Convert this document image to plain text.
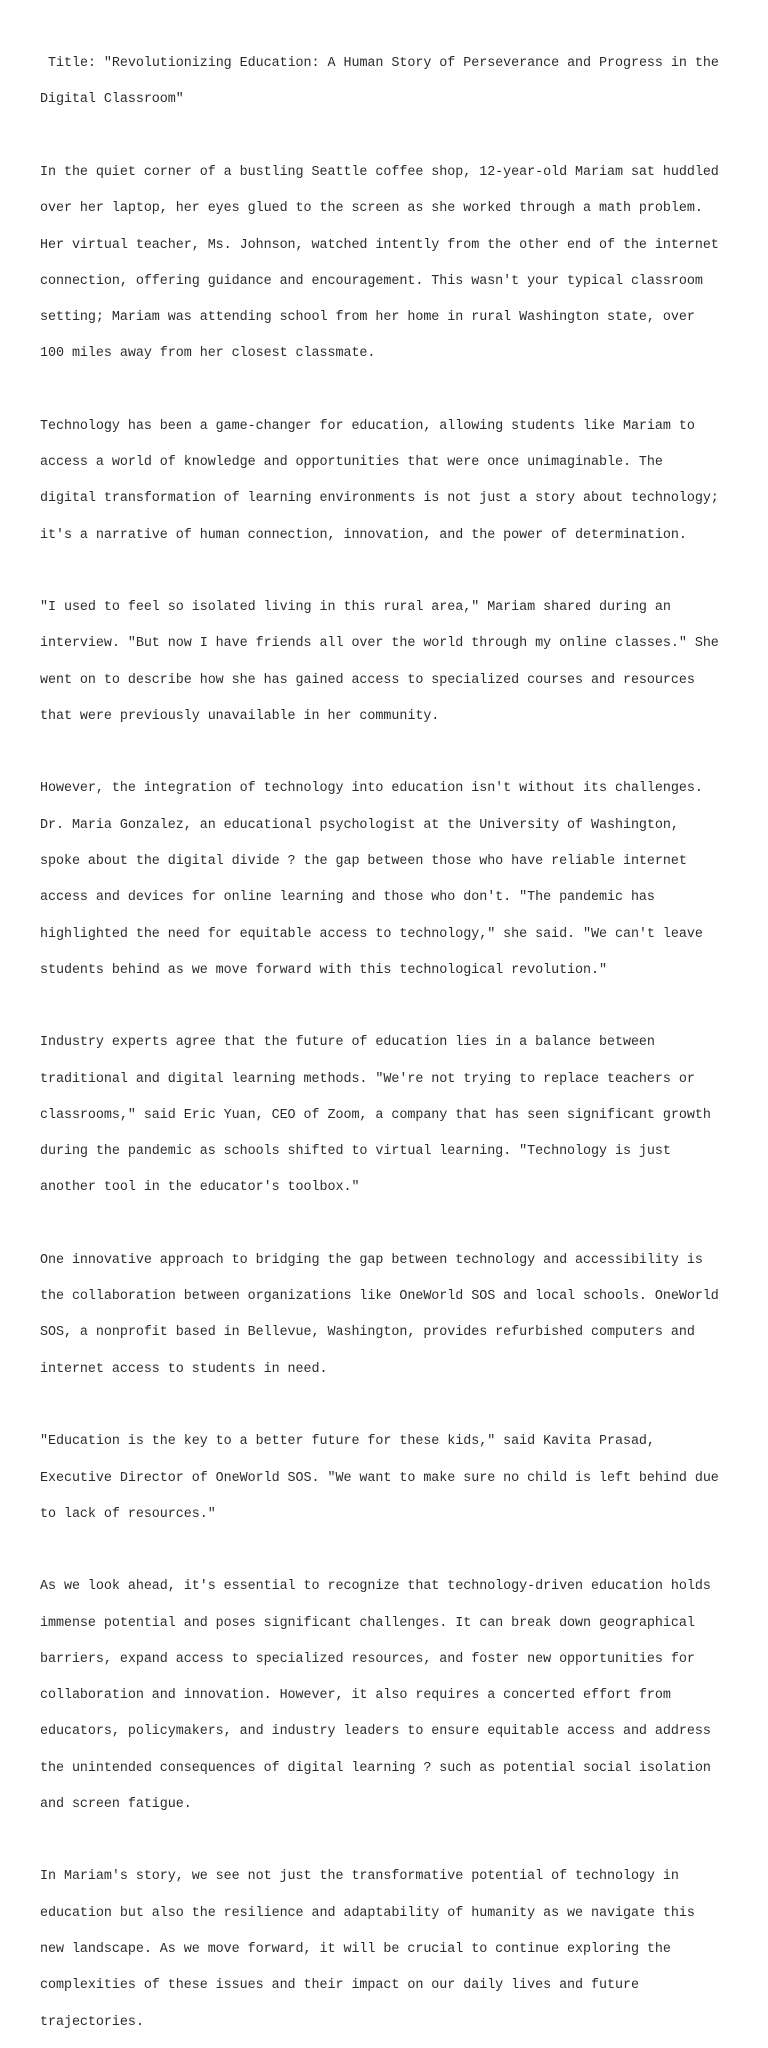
Title: "Revolutionizing Education: A Human Story of Perseverance and Progress in the

Digital Classroom"

In the quiet corner of a bustling Seattle coffee shop, 12-year-old Mariam sat huddled

over her laptop, her eyes glued to the screen as she worked through a math problem.

Her virtual teacher, Ms. Johnson, watched intently from the other end of the internet

connection, offering guidance and encouragement. This wasn't your typical classroom

setting; Mariam was attending school from her home in rural Washington state, over

100 miles away from her closest classmate.

Technology has been a game-changer for education, allowing students like Mariam to

access a world of knowledge and opportunities that were once unimaginable. The

digital transformation of learning environments is not just a story about technology;

it's a narrative of human connection, innovation, and the power of determination.

"I used to feel so isolated living in this rural area," Mariam shared during an

interview. "But now I have friends all over the world through my online classes." She

went on to describe how she has gained access to specialized courses and resources

that were previously unavailable in her community.

However, the integration of technology into education isn't without its challenges.

Dr. Maria Gonzalez, an educational psychologist at the University of Washington,

spoke about the digital divide ? the gap between those who have reliable internet

access and devices for online learning and those who don't. "The pandemic has

highlighted the need for equitable access to technology," she said. "We can't leave

students behind as we move forward with this technological revolution."

Industry experts agree that the future of education lies in a balance between

traditional and digital learning methods. "We're not trying to replace teachers or

classrooms," said Eric Yuan, CEO of Zoom, a company that has seen significant growth

during the pandemic as schools shifted to virtual learning. "Technology is just

another tool in the educator's toolbox."

One innovative approach to bridging the gap between technology and accessibility is

the collaboration between organizations like OneWorld SOS and local schools. OneWorld

SOS, a nonprofit based in Bellevue, Washington, provides refurbished computers and

internet access to students in need.

"Education is the key to a better future for these kids," said Kavita Prasad,

Executive Director of OneWorld SOS. "We want to make sure no child is left behind due

to lack of resources."

As we look ahead, it's essential to recognize that technology-driven education holds

immense potential and poses significant challenges. It can break down geographical

barriers, expand access to specialized resources, and foster new opportunities for

collaboration and innovation. However, it also requires a concerted effort from

educators, policymakers, and industry leaders to ensure equitable access and address

the unintended consequences of digital learning ? such as potential social isolation

and screen fatigue.

In Mariam's story, we see not just the transformative potential of technology in

education but also the resilience and adaptability of humanity as we navigate this

new landscape. As we move forward, it will be crucial to continue exploring the

complexities of these issues and their impact on our daily lives and future

trajectories.
